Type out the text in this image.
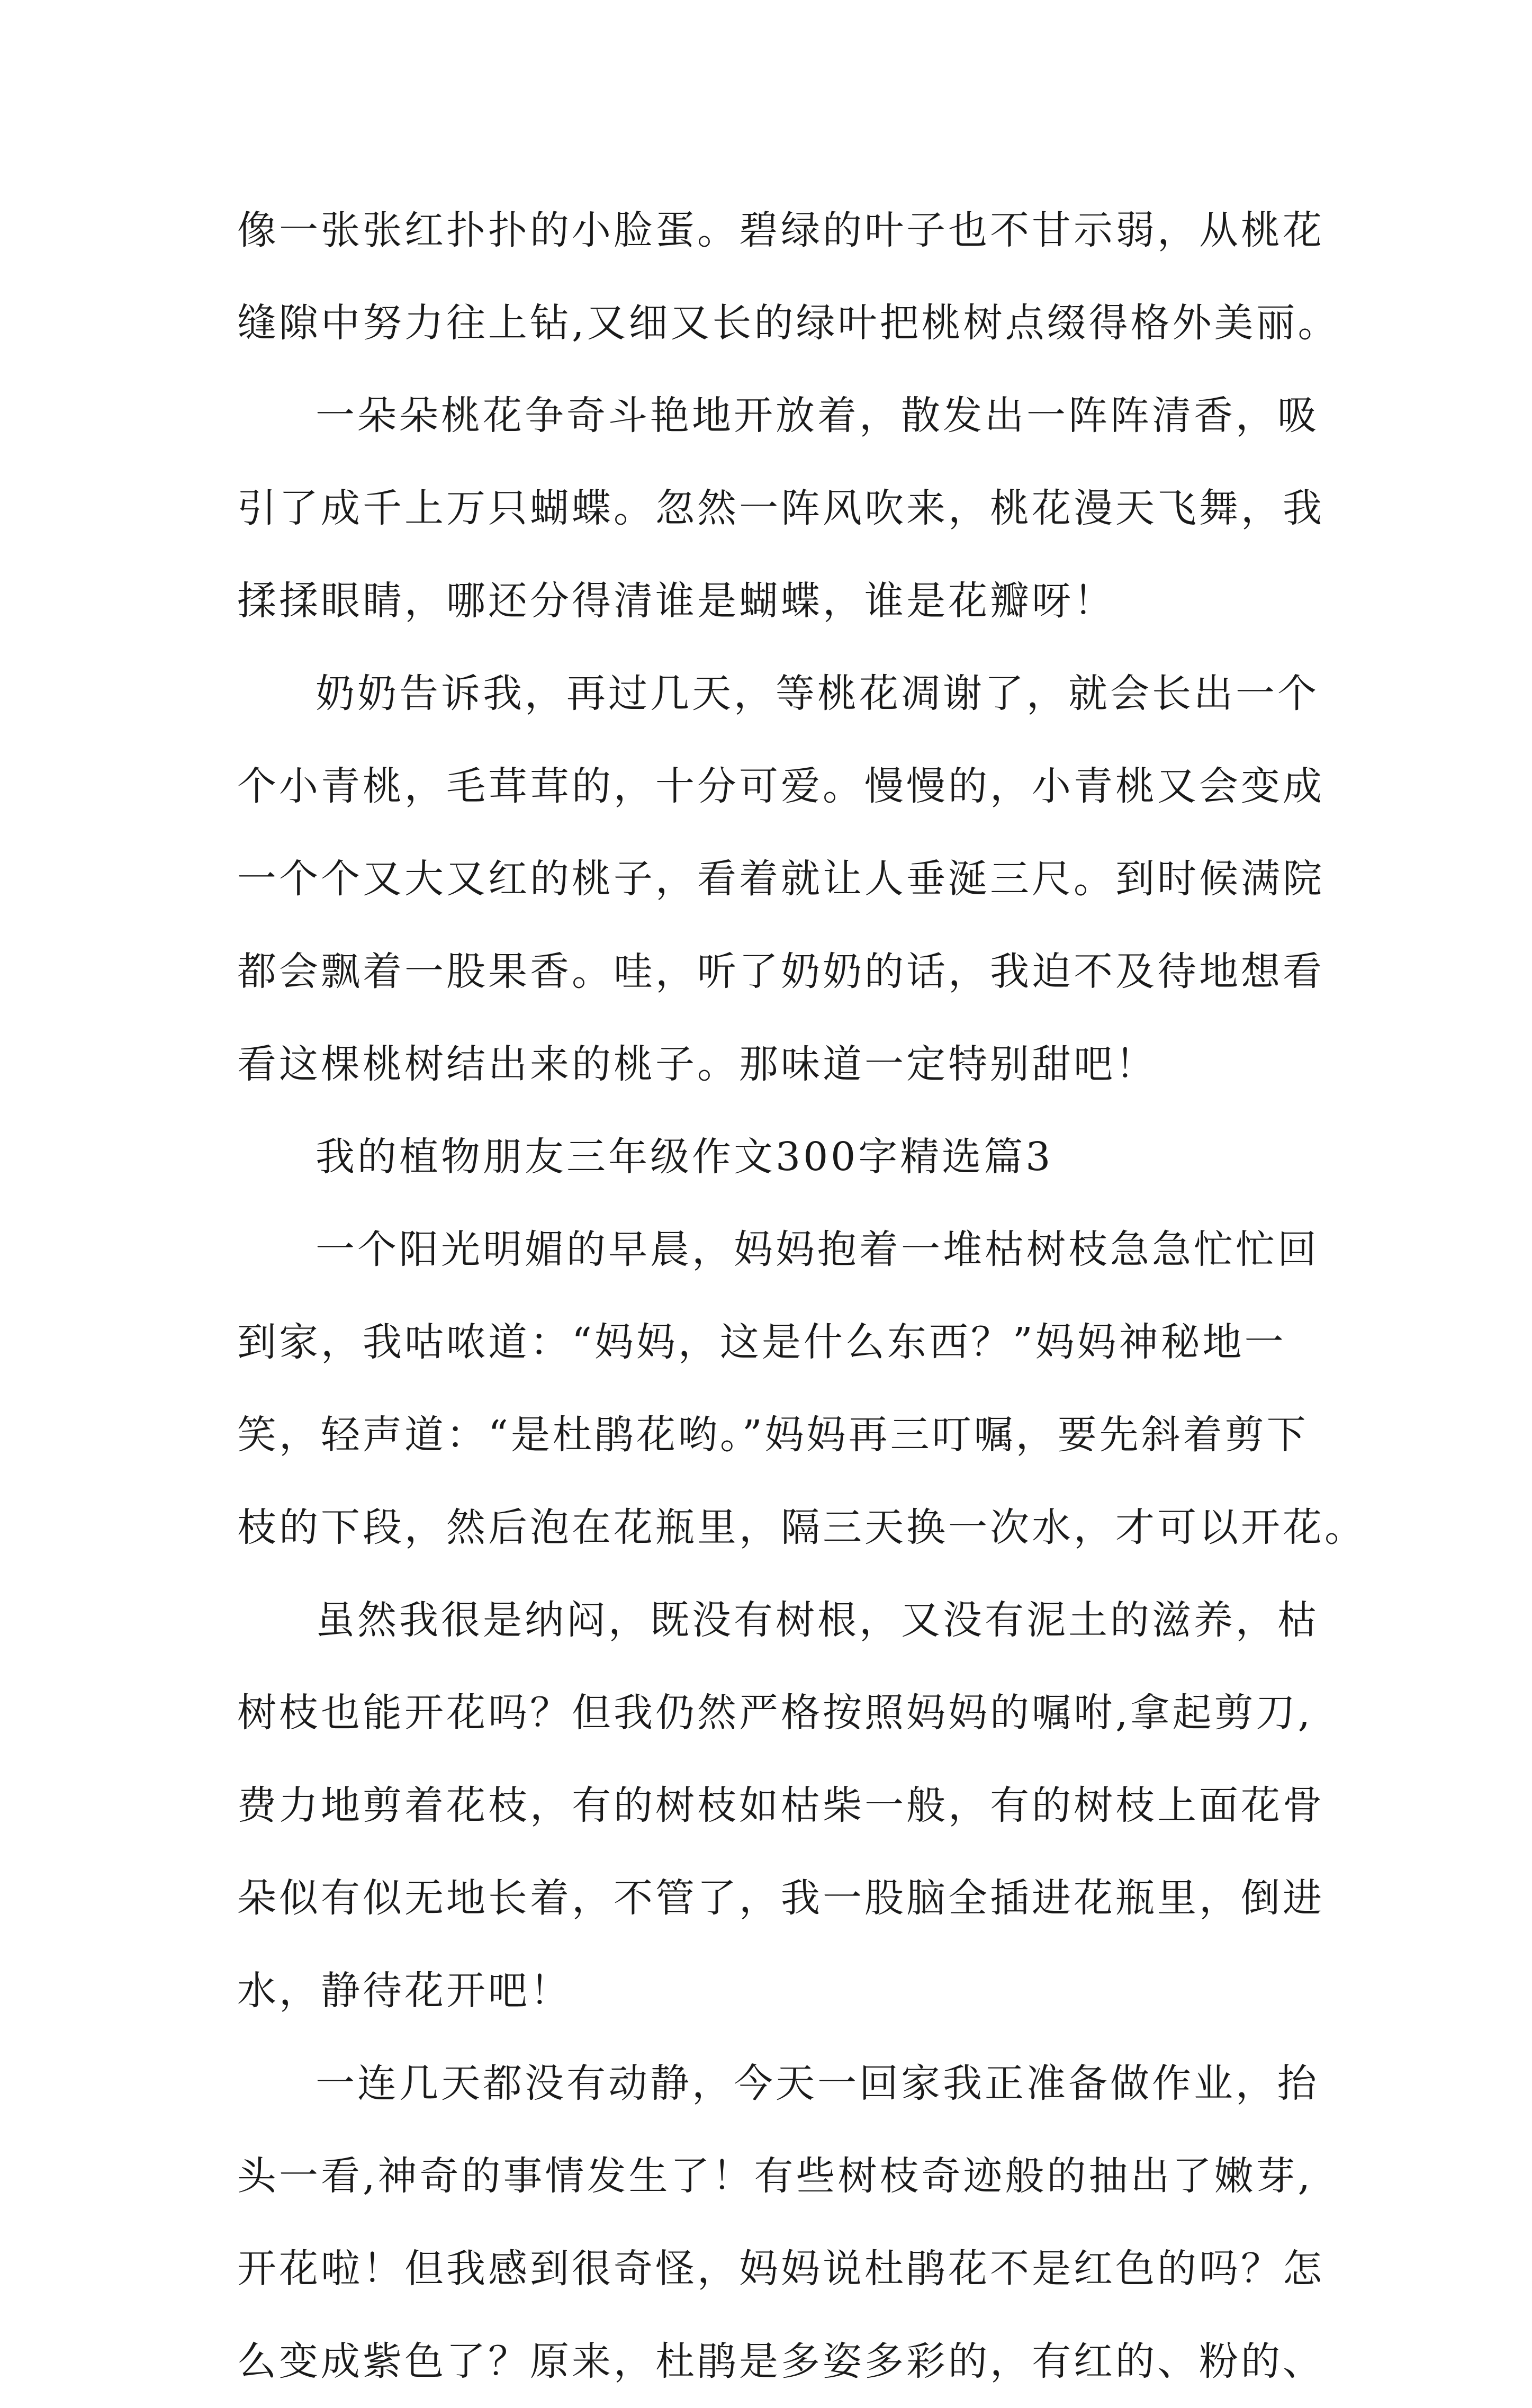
像一张张红扑扑的小脸蛋。碧绿的叶子也不甘示弱，从桃花
缝隙中努力往上钻,又细又长的绿叶把桃树点缀得格外美丽。
一朵朵桃花争奇斗艳地开放着，散发出一阵阵清香，吸
引了成千上万只蝴蝶。忽然一阵风吹来，桃花漫天飞舞，我
揉揉眼睛，哪还分得清谁是蝴蝶，谁是花瓣呀！
奶奶告诉我，再过几天，等桃花凋谢了，就会长出一个
个小青桃，毛茸茸的，十分可爱。慢慢的，小青桃又会变成
一个个又大又红的桃子，看着就让人垂涎三尺。到时候满院
都会飘着一股果香。哇，听了奶奶的话，我迫不及待地想看
看这棵桃树结出来的桃子。那味道一定特别甜吧！
我的植物朋友三年级作文300字精选篇3
一个阳光明媚的早晨，妈妈抱着一堆枯树枝急急忙忙回
到家，我咕哝道：“妈妈，这是什么东西？”妈妈神秘地一
笑，轻声道：“是杜鹃花哟。”妈妈再三叮嘱，要先斜着剪下
枝的下段，然后泡在花瓶里，隔三天换一次水，才可以开花。
虽然我很是纳闷，既没有树根，又没有泥土的滋养，枯
树枝也能开花吗？但我仍然严格按照妈妈的嘱咐,拿起剪刀,
费力地剪着花枝，有的树枝如枯柴一般，有的树枝上面花骨
朵似有似无地长着，不管了，我一股脑全插进花瓶里，倒进
水，静待花开吧！
一连几天都没有动静，今天一回家我正准备做作业，抬
头一看,神奇的事情发生了！有些树枝奇迹般的抽出了嫩芽,
开花啦！但我感到很奇怪，妈妈说杜鹃花不是红色的吗？怎
么变成紫色了？原来，杜鹃是多姿多彩的，有红的、粉的、
